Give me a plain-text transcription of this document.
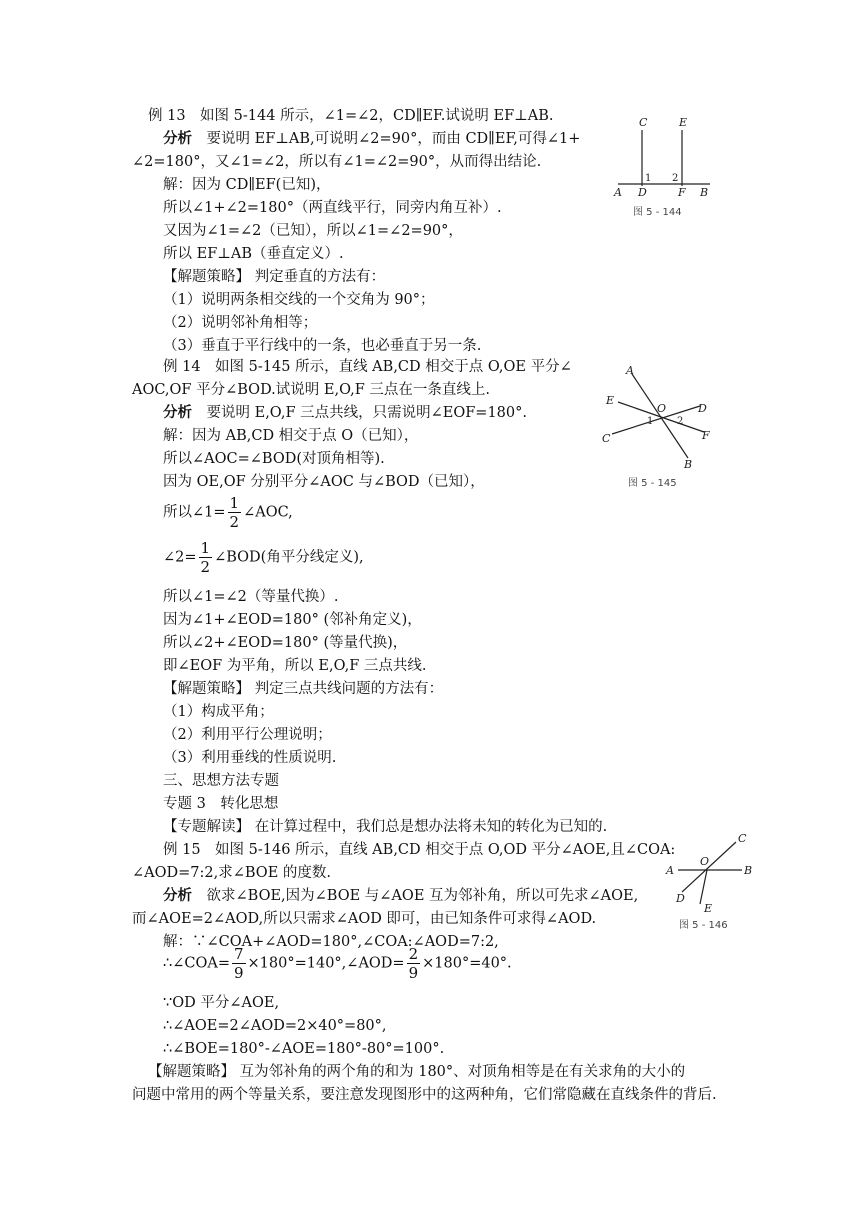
例 13　如图 5-144 所示，∠1=∠2，CD∥EF.试说明 EF⊥AB.
分析　要说明 EF⊥AB,可说明∠2=90°，而由 CD∥EF,可得∠1+
∠2=180°，又∠1=∠2，所以有∠1=∠2=90°，从而得出结论.
解：因为 CD∥EF(已知)，
所以∠1+∠2=180°（两直线平行，同旁内角互补）.
又因为∠1=∠2（已知），所以∠1=∠2=90°，
所以 EF⊥AB（垂直定义）.
【解题策略】 判定垂直的方法有：
（1）说明两条相交线的一个交角为 90°；
（2）说明邻补角相等；
（3）垂直于平行线中的一条，也必垂直于另一条.
例 14　如图 5-145 所示，直线 AB,CD 相交于点 O,OE 平分∠
AOC,OF 平分∠BOD.试说明 E,O,F 三点在一条直线上.
分析　要说明 E,O,F 三点共线，只需说明∠EOF=180°.
解：因为 AB,CD 相交于点 O（已知），
所以∠AOC=∠BOD(对顶角相等).
因为 OE,OF 分别平分∠AOC 与∠BOD（已知），
所以∠1=∠2（等量代换）.
因为∠1+∠EOD=180° (邻补角定义)，
所以∠2+∠EOD=180° (等量代换)，
即∠EOF 为平角，所以 E,O,F 三点共线.
【解题策略】 判定三点共线问题的方法有：
（1）构成平角；
（2）利用平行公理说明；
（3）利用垂线的性质说明.
三、思想方法专题
专题 3　转化思想
【专题解读】 在计算过程中，我们总是想办法将未知的转化为已知的.
例 15　如图 5-146 所示，直线 AB,CD 相交于点 O,OD 平分∠AOE,且∠COA:
∠AOD=7:2,求∠BOE 的度数.
分析　欲求∠BOE,因为∠BOE 与∠AOE 互为邻补角，所以可先求∠AOE,
而∠AOE=2∠AOD,所以只需求∠AOD 即可，由已知条件可求得∠AOD.
解：∵∠COA+∠AOD=180°,∠COA:∠AOD=7:2,
∵OD 平分∠AOE,
∴∠AOE=2∠AOD=2×40°=80°,
∴∠BOE=180°-∠AOE=180°-80°=100°.
【解题策略】 互为邻补角的两个角的和为 180°、对顶角相等是在有关求角的大小的
问题中常用的两个等量关系，要注意发现图形中的这两种角，它们常隐藏在直线条件的背后.
所以∠1= $\frac{1}{2}$ ∠AOC,
∠2= $\frac{1}{2}$ ∠BOD(角平分线定义),
∴∠COA= $\frac{7}{9}$ ×180°=140°,∠AOD= $\frac{2}{9} \times 180^\circ=40^\circ$.
C	E
1 2
A D	F B
图 5 - 144
A
E
O	D
1 2
C	F
B
图 5 - 145
C
O
A	B
D
E
图 5 - 146
